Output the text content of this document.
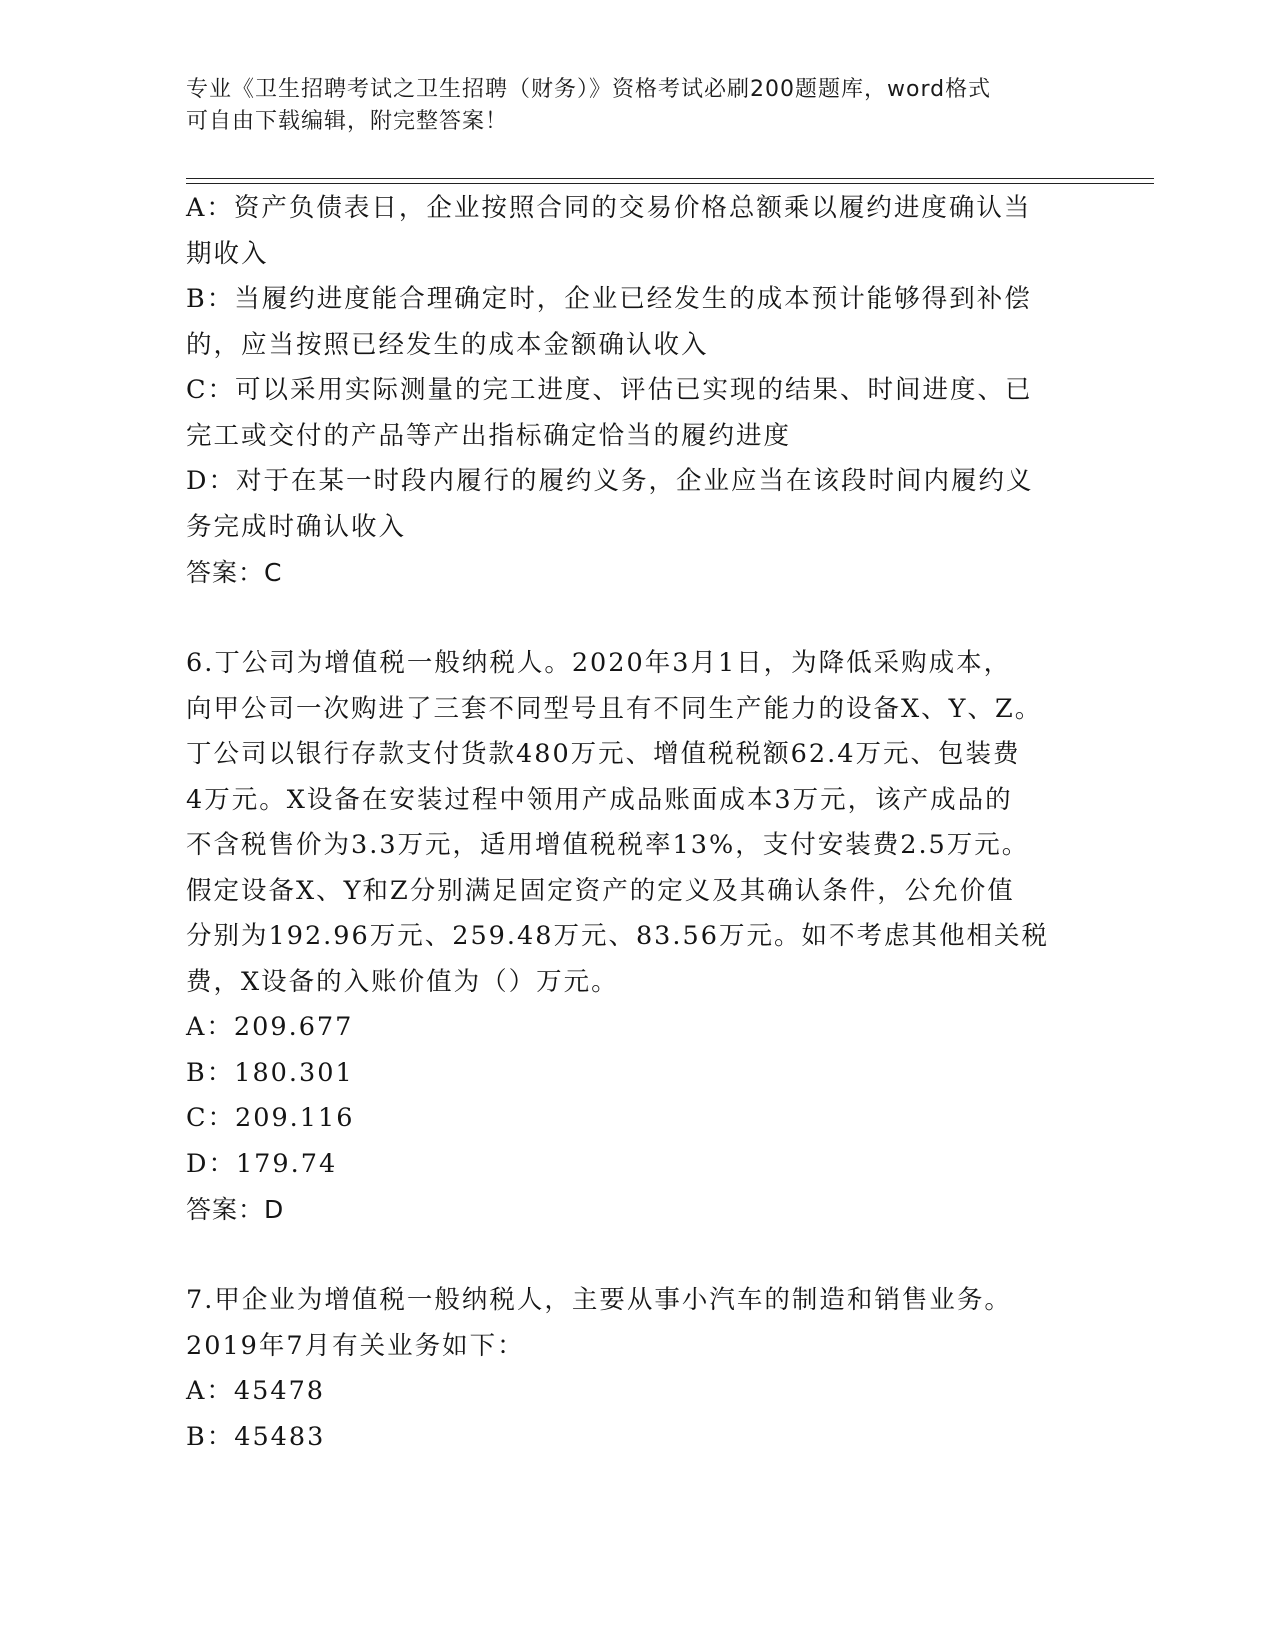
专业《卫生招聘考试之卫生招聘（财务）》资格考试必刷200题题库，word格式
可自由下载编辑，附完整答案！

A：资产负债表日，企业按照合同的交易价格总额乘以履约进度确认当

期收入

B：当履约进度能合理确定时，企业已经发生的成本预计能够得到补偿

的，应当按照已经发生的成本金额确认收入

C：可以采用实际测量的完工进度、评估已实现的结果、时间进度、已

完工或交付的产品等产出指标确定恰当的履约进度

D：对于在某一时段内履行的履约义务，企业应当在该段时间内履约义

务完成时确认收入

答案：C

6.丁公司为增值税一般纳税人。2020年3月1日，为降低采购成本，

向甲公司一次购进了三套不同型号且有不同生产能力的设备X、Y、Z。

丁公司以银行存款支付货款480万元、增值税税额62.4万元、包装费

4万元。X设备在安装过程中领用产成品账面成本3万元，该产成品的

不含税售价为3.3万元，适用增值税税率13%，支付安装费2.5万元。

假定设备X、Y和Z分别满足固定资产的定义及其确认条件，公允价值

分别为192.96万元、259.48万元、83.56万元。如不考虑其他相关税

费，X设备的入账价值为（）万元。

A：209.677

B：180.301

C：209.116

D：179.74

答案：D

7.甲企业为增值税一般纳税人，主要从事小汽车的制造和销售业务。

2019年7月有关业务如下：

A：45478

B：45483
